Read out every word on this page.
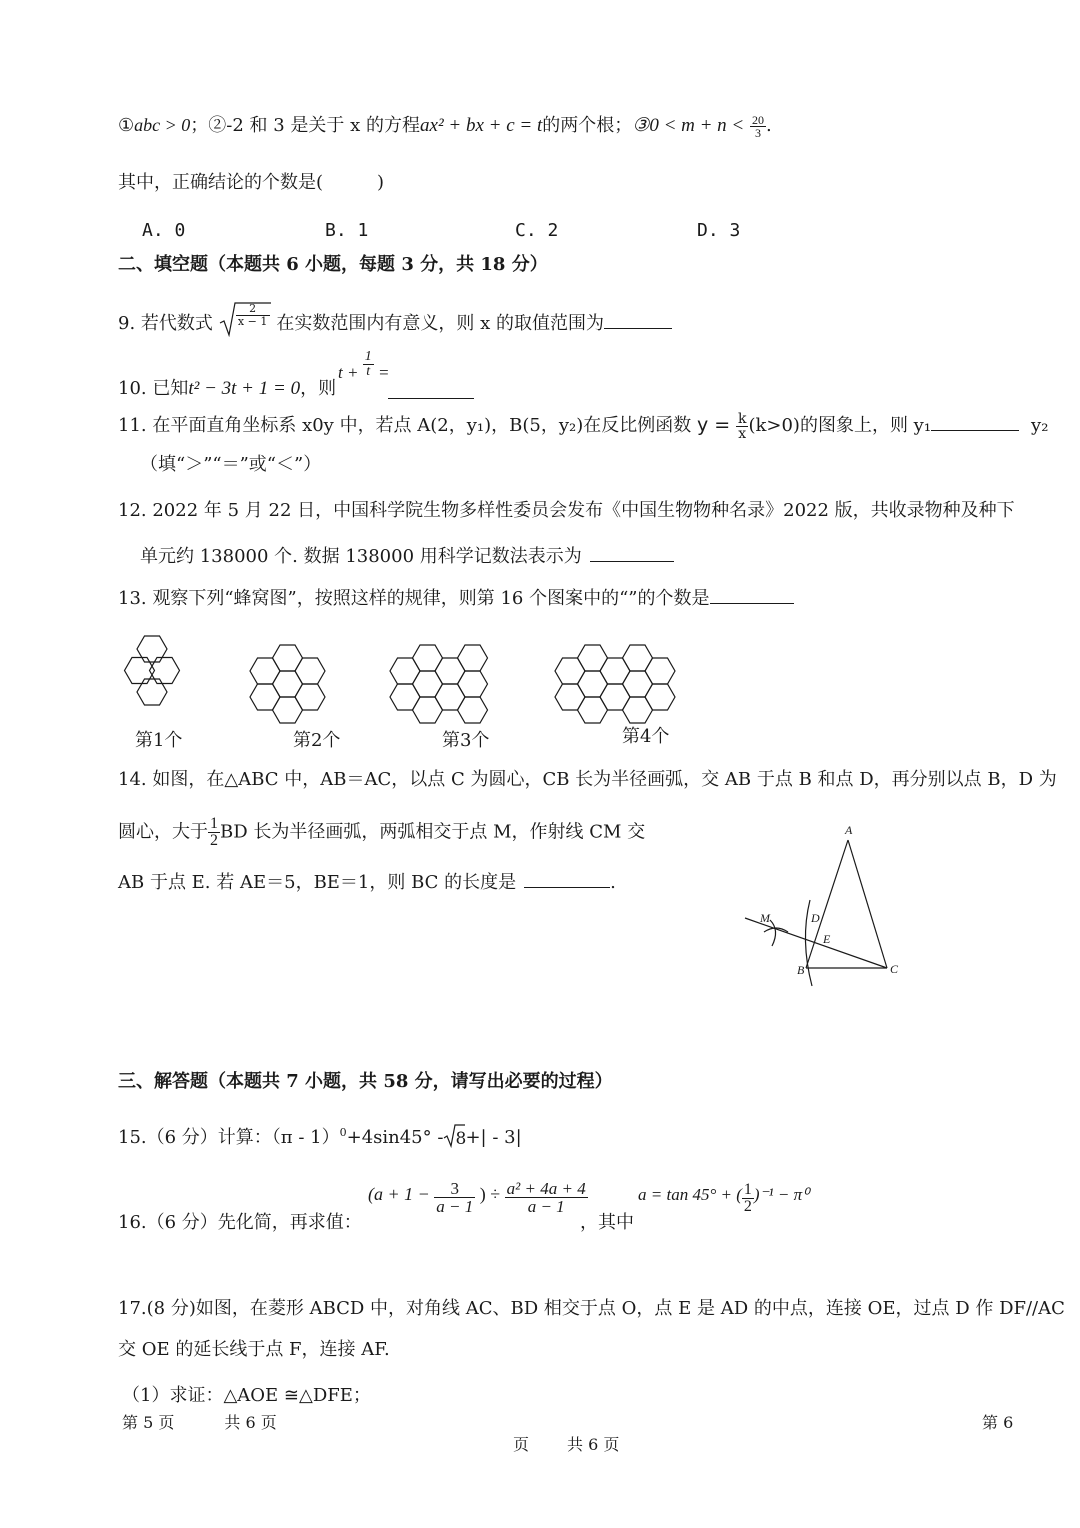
①abc > 0；②-2 和 3 是关于 x 的方程ax² + bx + c = t的两个根；③0 < $m + n < \frac{20}{3}$ .
其中，正确结论的个数是(　　　)
A. 0	B. 1	C. 2	D. 3
二、填空题（本题共 6 小题，每题 3 分，共 18 分）
9. 若代数式
2
x − 1 在实数范围内有意义，则 x 的取值范围为
10. 已知t² − 3t + 1 = 0，则
$t + \frac{1}{t}$ =
11. 在平面直角坐标系 x0y 中，若点 A(2，y₁)，B(5，y₂)在反比例函数 $y = \frac{k}{x} (k>0)$的图象上，则 y₁	y₂
（填“＞”“＝”或“＜”）
12. 2022 年 5 月 22 日，中国科学院生物多样性委员会发布《中国生物物种名录》2022 版，共收录物种及种下
单元约 138000 个. 数据 138000 用科学记数法表示为
13. 观察下列“蜂窝图”，按照这样的规律，则第 16 个图案中的“”的个数是
第1个	第2个	第3个	第4个
14. 如图，在△ABC 中，AB＝AC，以点 C 为圆心，CB 长为半径画弧，交 AB 于点 B 和点 D，再分别以点 B，D 为
圆心，大于 $\frac{1}{2}$ BD 长为半径画弧，两弧相交于点 M，作射线 CM 交
AB 于点 E. 若 AE＝5，BE＝1，则 BC 的长度是	.
A
B	C
D
E
M
三、解答题（本题共 7 小题，共 58 分，请写出必要的过程）
15.（6 分）计算：（π - 1）$^0$+4sin45° - 8 +| - 3|
16.（6 分）先化简，再求值：
($a + 1 - \frac{3}{a - 1}$ ) ÷ $\frac{\text{a² + 4a + 4}}{a - 1}$
，其中
a = tan 45° + ( $\frac{1}{2} )^{-1} - \pi^0$
17.(8 分)如图，在菱形 ABCD 中，对角线 AC、BD 相交于点 O，点 E 是 AD 的中点，连接 OE，过点 D 作 DF//AC
交 OE 的延长线于点 F，连接 AF.
（1）求证：△AOE ≅△DFE；
第 5 页	共 6 页	第 6
页 共 6 页
